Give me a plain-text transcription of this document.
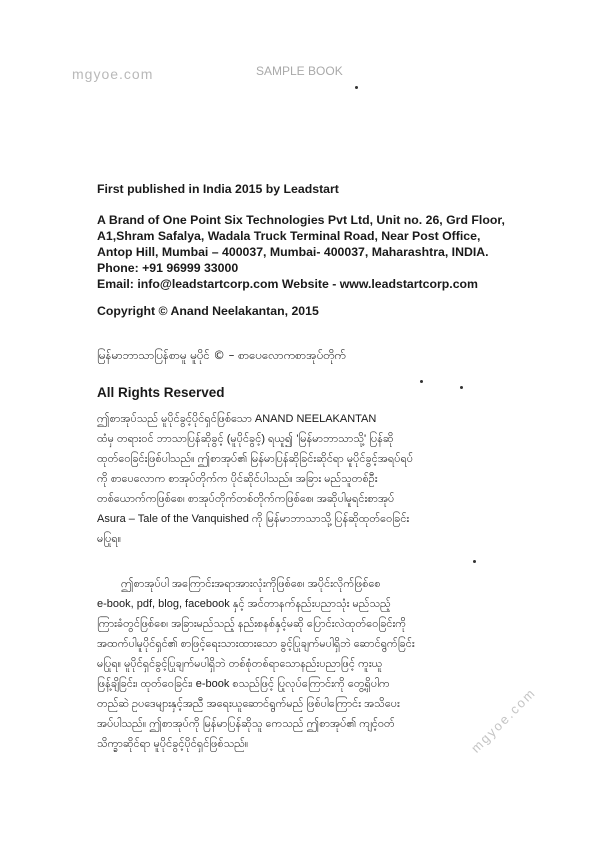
mgyoe.com	SAMPLE BOOK
First published in India 2015 by Leadstart
A Brand of One Point Six Technologies Pvt Ltd, Unit no. 26, Grd Floor,
A1,Shram Safalya, Wadala Truck Terminal Road, Near Post Office,
Antop Hill, Mumbai – 400037, Mumbai- 400037, Maharashtra, INDIA.
Phone: +91 96999 33000
Email: info@leadstartcorp.com Website - www.leadstartcorp.com
Copyright © Anand Neelakantan, 2015
မြန်မာဘာသာပြန်စာမူ မူပိုင် © – စာပေလောကစာအုပ်တိုက်
All Rights Reserved
ဤစာအုပ်သည် မူပိုင်ခွင့်ပိုင်ရှင်ဖြစ်သော ANAND NEELAKANTAN
ထံမှ တရားဝင် ဘာသာပြန်ဆိုခွင့် (မူပိုင်ခွင့်) ရယူ၍ 'မြန်မာဘာသာသို့' ပြန်ဆို
ထုတ်ဝေခြင်းဖြစ်ပါသည်။ ဤစာအုပ်၏ မြန်မာပြန်ဆိုခြင်းဆိုင်ရာ မူပိုင်ခွင့်အရပ်ရပ်
ကို စာပေလောက စာအုပ်တိုက်က ပိုင်ဆိုင်ပါသည်။ အခြား မည်သူတစ်ဦး
တစ်ယောက်ကဖြစ်စေ၊ စာအုပ်တိုက်တစ်တိုက်ကဖြစ်စေ၊ အဆိုပါမူရင်းစာအုပ်
Asura – Tale of the Vanquished ကို မြန်မာဘာသာသို့ ပြန်ဆိုထုတ်ဝေခြင်း
မပြုရ။
ဤစာအုပ်ပါ အကြောင်းအရာအားလုံးကိုဖြစ်စေ၊ အပိုင်းလိုက်ဖြစ်စေ
e-book, pdf, blog, facebook နှင့် အင်တာနက်နည်းပညာသုံး မည်သည့်
ကြားခံတွင်ဖြစ်စေ၊ အခြားမည်သည့် နည်းစနစ်နှင့်မဆို ပြောင်းလဲထုတ်ဝေခြင်းကို
အထက်ပါမူပိုင်ရှင်၏ စာဖြင့်ရေးသားထားသော ခွင့်ပြုချက်မပါရှိဘဲ ဆောင်ရွက်ခြင်း
မပြုရ။ မူပိုင်ရှင်ခွင့်ပြုချက်မပါရှိဘဲ တစ်စုံတစ်ရာသောနည်းပညာဖြင့် ကူးယူ
ဖြန့်ချိခြင်း၊ ထုတ်ဝေခြင်း၊ e-book စသည်ဖြင့် ပြုလုပ်ကြောင်းကို တွေ့ရှိပါက
တည်ဆဲ ဥပဒေများနှင့်အညီ အရေးယူဆောင်ရွက်မည် ဖြစ်ပါကြောင်း အသိပေး
အပ်ပါသည်။ ဤစာအုပ်ကို မြန်မာပြန်ဆိုသူ ကေသည် ဤစာအုပ်၏ ကျင့်ဝတ်
သိက္ခာဆိုင်ရာ မူပိုင်ခွင့်ပိုင်ရှင်ဖြစ်သည်။	mgyoe.com
